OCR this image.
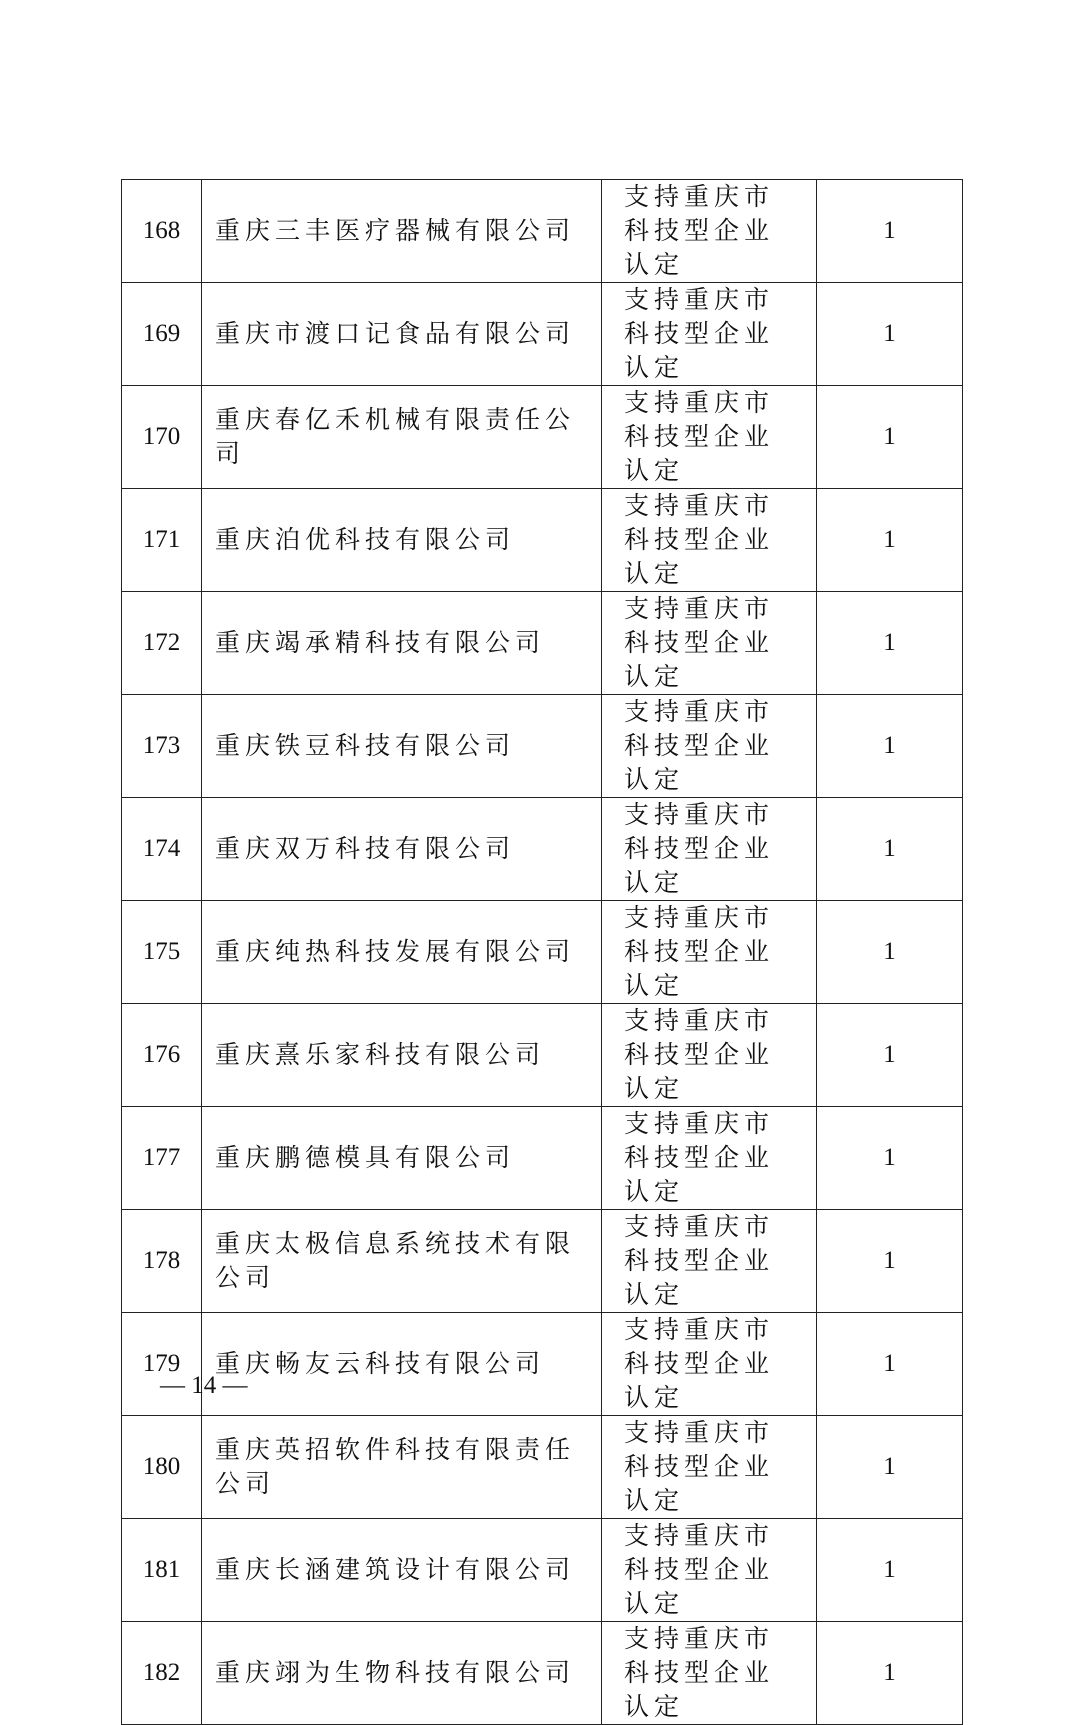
168	重庆三丰医疗器械有限公司	支持重庆市科技型企业认定	1
169	重庆市渡口记食品有限公司	支持重庆市科技型企业认定	1
170	重庆春亿禾机械有限责任公司	支持重庆市科技型企业认定	1
171	重庆泊优科技有限公司	支持重庆市科技型企业认定	1
172	重庆竭承精科技有限公司	支持重庆市科技型企业认定	1
173	重庆铁豆科技有限公司	支持重庆市科技型企业认定	1
174	重庆双万科技有限公司	支持重庆市科技型企业认定	1
175	重庆纯热科技发展有限公司	支持重庆市科技型企业认定	1
176	重庆熹乐家科技有限公司	支持重庆市科技型企业认定	1
177	重庆鹏德模具有限公司	支持重庆市科技型企业认定	1
178	重庆太极信息系统技术有限公司	支持重庆市科技型企业认定	1
179	重庆畅友云科技有限公司	支持重庆市科技型企业认定	1
180	重庆英招软件科技有限责任公司	支持重庆市科技型企业认定	1
181	重庆长涵建筑设计有限公司	支持重庆市科技型企业认定	1
182	重庆翊为生物科技有限公司	支持重庆市科技型企业认定	1
— 14 —
